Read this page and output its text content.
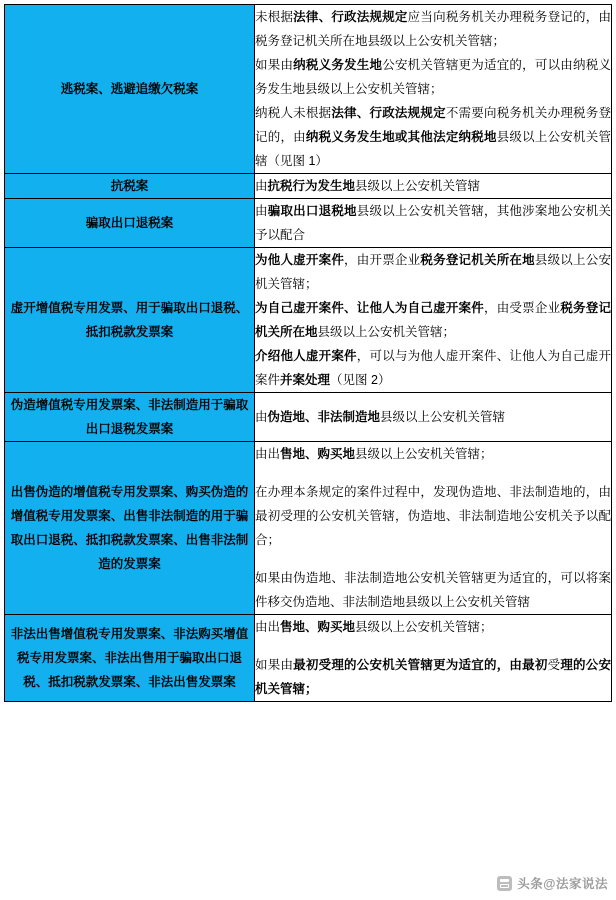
逃税案、逃避追缴欠税案	未根据法律、行政法规规定应当向税务机关办理税务登记的，由税务登记机关所在地县级以上公安机关管辖；

如果由纳税义务发生地公安机关管辖更为适宜的，可以由纳税义务发生地县级以上公安机关管辖；

纳税人未根据法律、行政法规规定不需要向税务机关办理税务登记的，由纳税义务发生地或其他法定纳税地县级以上公安机关管辖（见图 1）

抗税案	由抗税行为发生地县级以上公安机关管辖

骗取出口退税案	由骗取出口退税地县级以上公安机关管辖，其他涉案地公安机关予以配合

虚开增值税专用发票、用于骗取出口退税、抵扣税款发票案	为他人虚开案件，由开票企业税务登记机关所在地县级以上公安机关管辖；

为自己虚开案件、让他人为自己虚开案件，由受票企业税务登记机关所在地县级以上公安机关管辖；

介绍他人虚开案件，可以与为他人虚开案件、让他人为自己虚开案件并案处理（见图 2）

伪造增值税专用发票案、非法制造用于骗取出口退税发票案	由伪造地、非法制造地县级以上公安机关管辖

出售伪造的增值税专用发票案、购买伪造的增值税专用发票案、出售非法制造的用于骗取出口退税、抵扣税款发票案、出售非法制造的发票案	由出售地、购买地县级以上公安机关管辖；

在办理本条规定的案件过程中，发现伪造地、非法制造地的，由最初受理的公安机关管辖，伪造地、非法制造地公安机关予以配合；

如果由伪造地、非法制造地公安机关管辖更为适宜的，可以将案件移交伪造地、非法制造地县级以上公安机关管辖

非法出售增值税专用发票案、非法购买增值税专用发票案、非法出售用于骗取出口退税、抵扣税款发票案、非法出售发票案	由出售地、购买地县级以上公安机关管辖；

如果由最初受理的公安机关管辖更为适宜的，由最初受理的公安机关管辖；

头条@法家说法
